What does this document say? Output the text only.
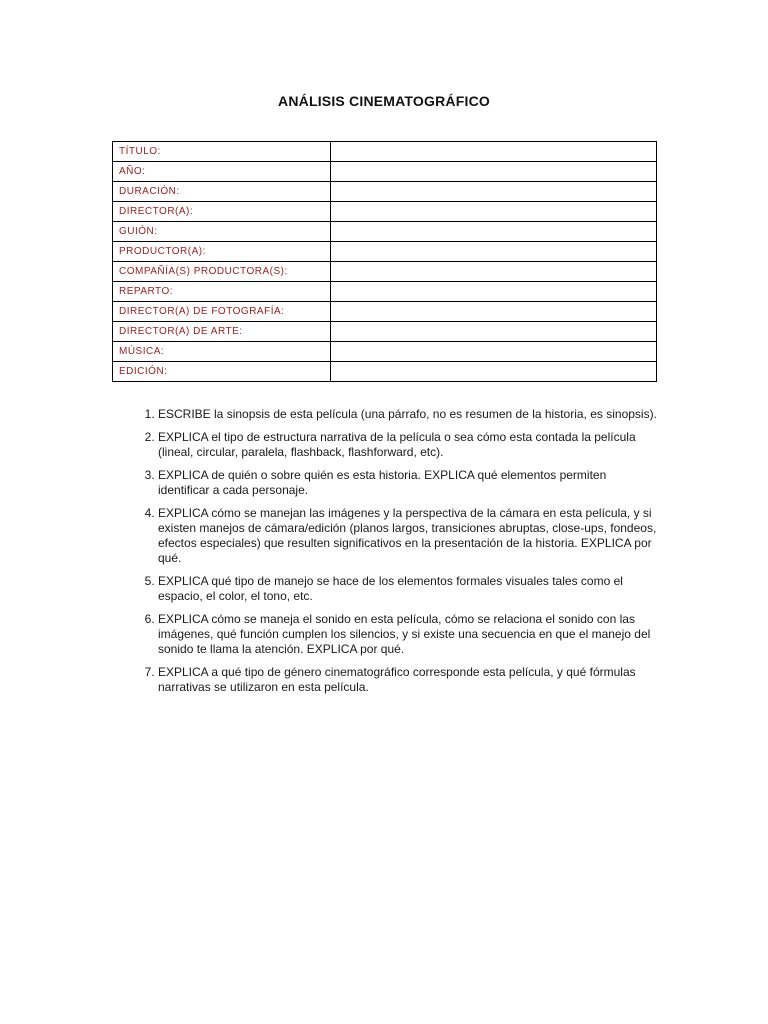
ANÁLISIS CINEMATOGRÁFICO
TÍTULO:	
AÑO:	
DURACIÓN:	
DIRECTOR(A):	
GUIÓN:	
PRODUCTOR(A):	
COMPAÑÍA(S) PRODUCTORA(S):	
REPARTO:	
DIRECTOR(A) DE FOTOGRAFÍA:	
DIRECTOR(A) DE ARTE:	
MÚSICA:	
EDICIÓN:	
1. ESCRIBE la sinopsis de esta película (una párrafo, no es resumen de la historia, es sinopsis).
2. EXPLICA el tipo de estructura narrativa de la película o sea cómo esta contada la película (lineal, circular, paralela, flashback, flashforward, etc).
3. EXPLICA de quién o sobre quién es esta historia. EXPLICA qué elementos permiten identificar a cada personaje.
4. EXPLICA cómo se manejan las imágenes y la perspectiva de la cámara en esta película, y si existen manejos de cámara/edición (planos largos, transiciones abruptas, close-ups, fondeos, efectos especiales) que resulten significativos en la presentación de la historia. EXPLICA por qué.
5. EXPLICA qué tipo de manejo se hace de los elementos formales visuales tales como el espacio, el color, el tono, etc.
6. EXPLICA cómo se maneja el sonido en esta película, cómo se relaciona el sonido con las imágenes, qué función cumplen los silencios, y si existe una secuencia en que el manejo del sonido te llama la atención. EXPLICA por qué.
7. EXPLICA a qué tipo de género cinematográfico corresponde esta película, y qué fórmulas narrativas se utilizaron en esta película.
